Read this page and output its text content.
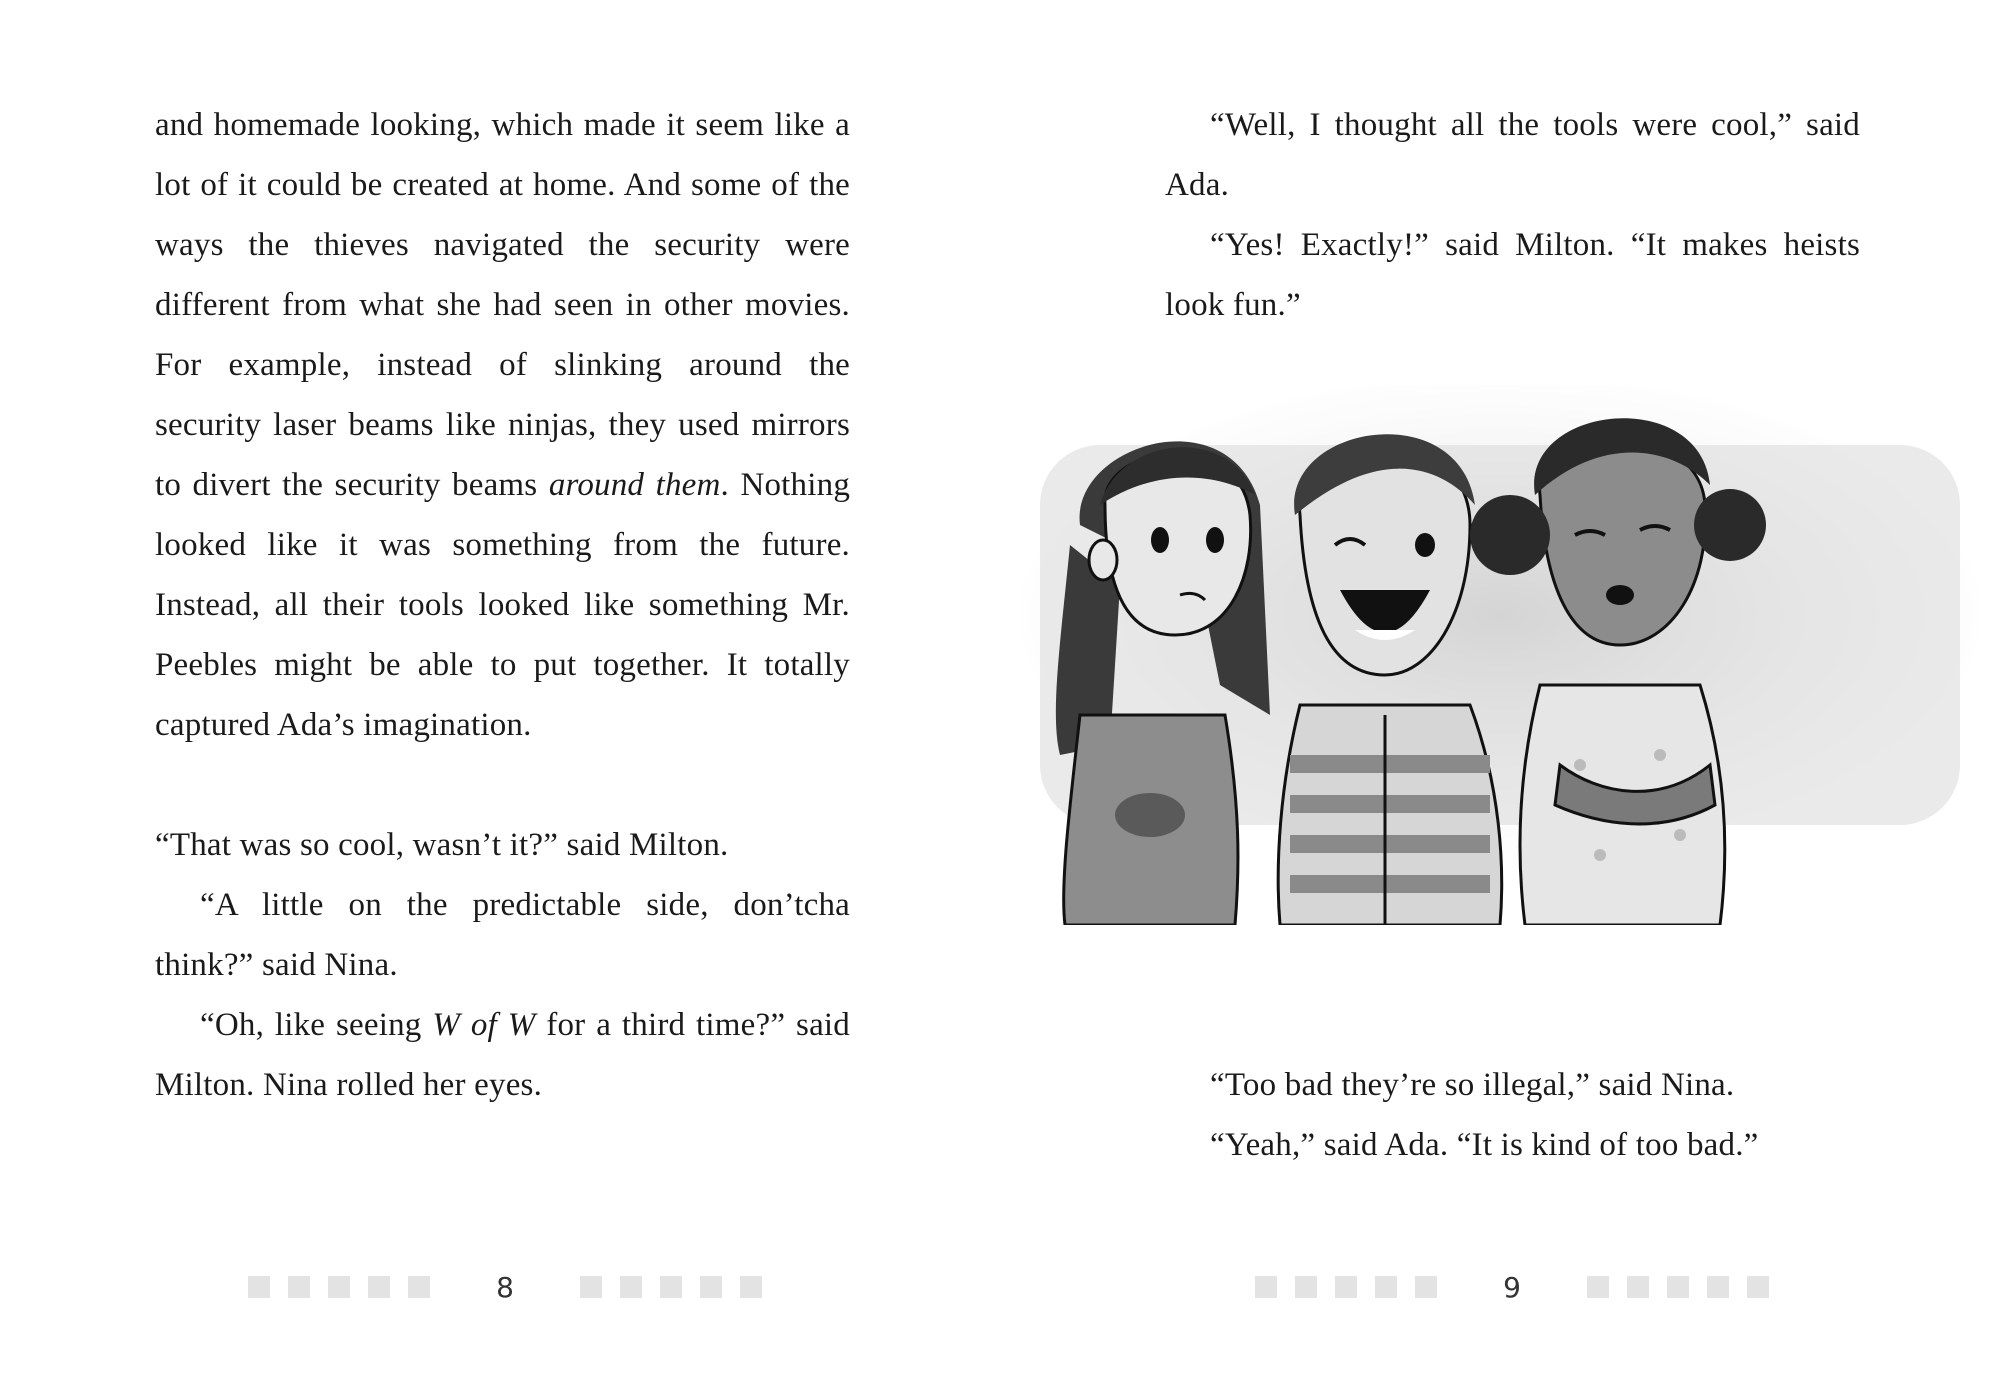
and homemade looking, which made it seem like a lot of it could be created at home. And some of the ways the thieves navigated the security were different from what she had seen in other movies. For example, instead of slinking around the security laser beams like ninjas, they used mirrors to divert the security beams around them. Nothing looked like it was something from the future. Instead, all their tools looked like something Mr. Peebles might be able to put together. It totally captured Ada’s imagination.

“That was so cool, wasn’t it?” said Milton.

“A little on the predictable side, don’tcha think?” said Nina.

“Oh, like seeing W of W for a third time?” said Milton. Nina rolled her eyes.

8

“Well, I thought all the tools were cool,” said Ada.

“Yes! Exactly!” said Milton. “It makes heists look fun.”

“Too bad they’re so illegal,” said Nina.

“Yeah,” said Ada. “It is kind of too bad.”

9
